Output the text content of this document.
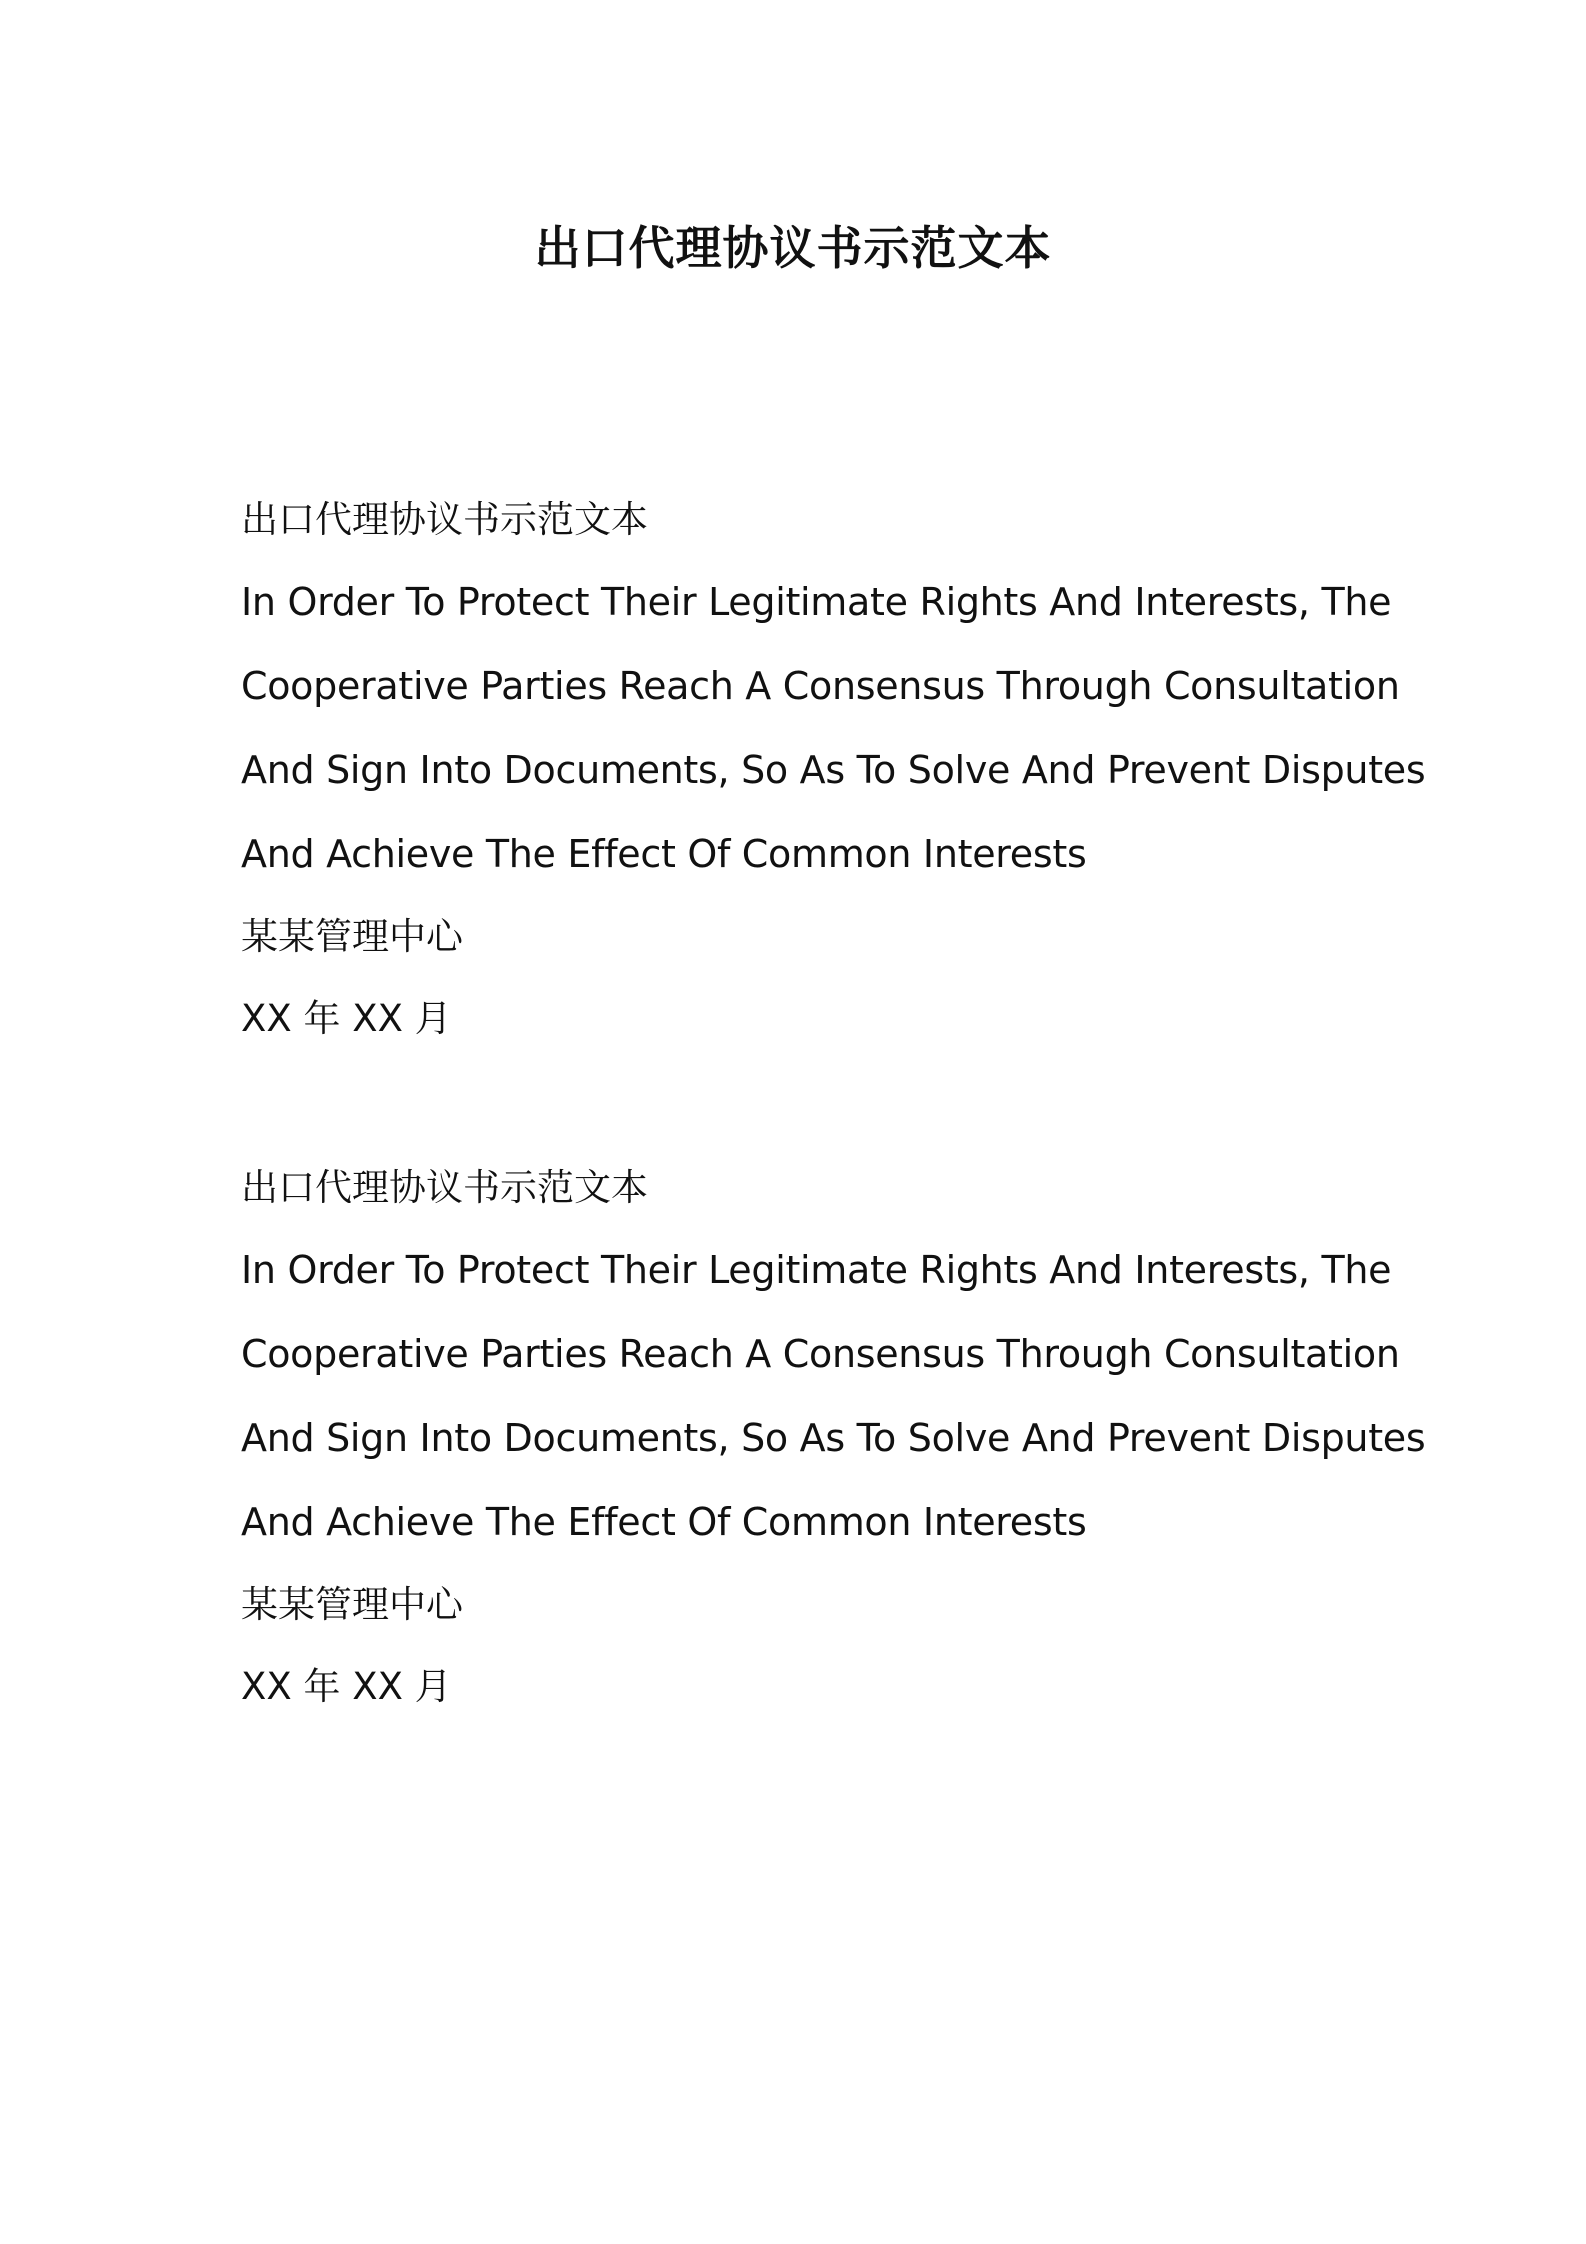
出口代理协议书示范文本
出口代理协议书示范文本
In Order To Protect Their Legitimate Rights And Interests, The
Cooperative Parties Reach A Consensus Through Consultation
And Sign Into Documents, So As To Solve And Prevent Disputes
And Achieve The Effect Of Common Interests
某某管理中心
XX 年 XX 月
出口代理协议书示范文本
In Order To Protect Their Legitimate Rights And Interests, The
Cooperative Parties Reach A Consensus Through Consultation
And Sign Into Documents, So As To Solve And Prevent Disputes
And Achieve The Effect Of Common Interests
某某管理中心
XX 年 XX 月
